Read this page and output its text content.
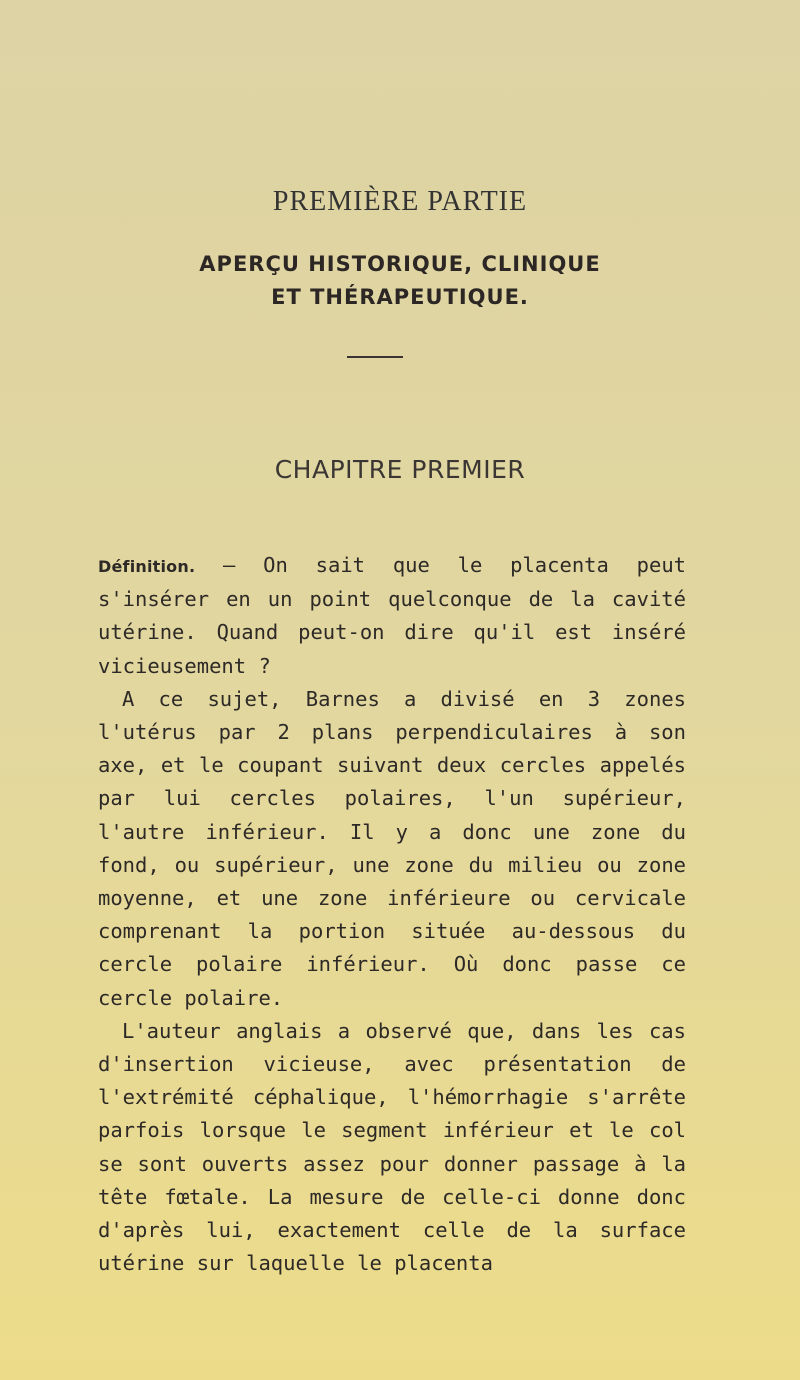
PREMIÈRE PARTIE
APERÇU HISTORIQUE, CLINIQUE
ET THÉRAPEUTIQUE.
CHAPITRE PREMIER

Définition. — On sait que le placenta peut s'insérer en un point quelconque de la cavité utérine. Quand peut-on dire qu'il est inséré vicieusement ?

A ce sujet, Barnes a divisé en 3 zones l'utérus par 2 plans perpendiculaires à son axe, et le coupant suivant deux cercles appelés par lui cercles polaires, l'un supérieur, l'autre inférieur. Il y a donc une zone du fond, ou supérieur, une zone du milieu ou zone moyenne, et une zone inférieure ou cervicale comprenant la portion située au-dessous du cercle polaire inférieur. Où donc passe ce cercle polaire.

L'auteur anglais a observé que, dans les cas d'insertion vicieuse, avec présentation de l'extrémité céphalique, l'hémorrhagie s'arrête parfois lorsque le segment inférieur et le col se sont ouverts assez pour donner passage à la tête fœtale. La mesure de celle-ci donne donc d'après lui, exactement celle de la surface utérine sur laquelle le placenta
